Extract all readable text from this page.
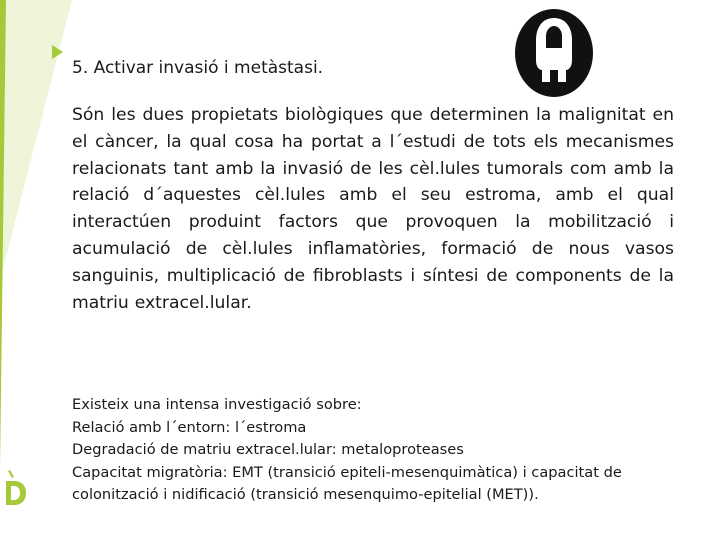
5. Activar invasió i metàstasi.
Són les dues propietats biològiques que determinen la malignitat en el càncer, la qual cosa ha portat a l´estudi de tots els mecanismes relacionats tant amb la invasió de les cèl.lules tumorals com amb la relació d´aquestes cèl.lules amb el seu estroma, amb el qual interactúen produint factors que provoquen la mobilització i acumulació de cèl.lules inflamatòries, formació de nous vasos sanguinis, multiplicació de fibroblasts i síntesi de components de la matriu extracel.lular.
Existeix una intensa investigació sobre:
Relació amb l´entorn: l´estroma
Degradació de matriu extracel.lular: metaloproteases
Capacitat migratòria: EMT (transició epiteli-mesenquimàtica) i capacitat de colonització i nidificació (transició mesenquimo-epitelial (MET)).
